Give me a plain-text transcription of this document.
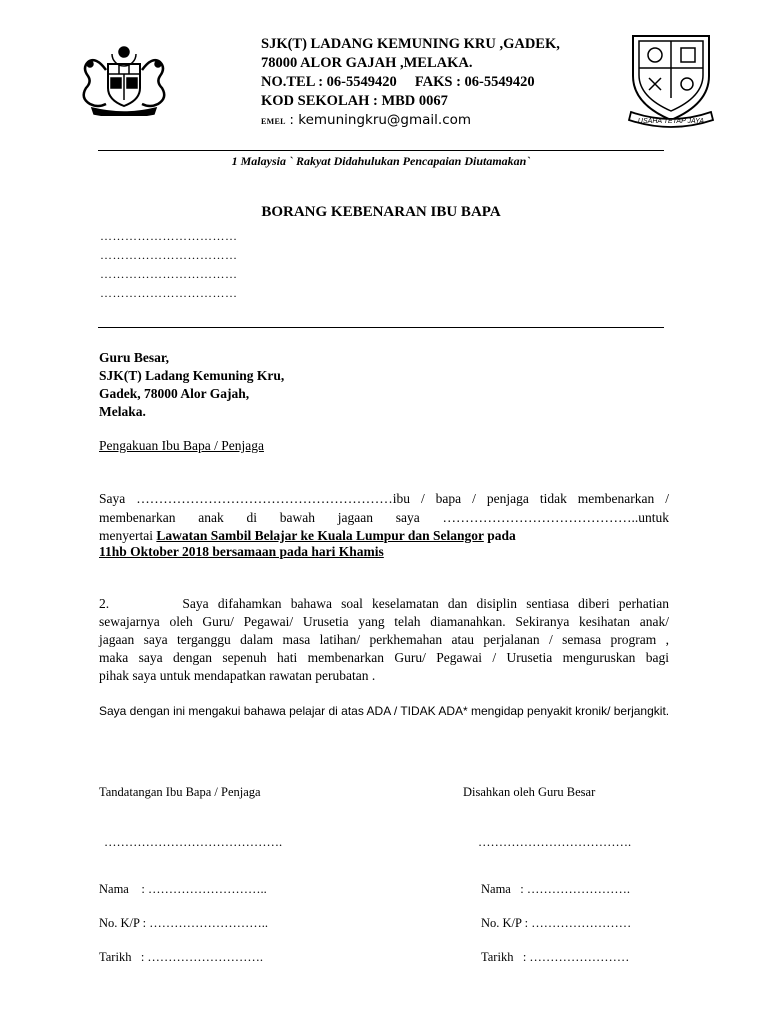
USAHA TETAP JAYA
SJK(T) LADANG KEMUNING KRU ,GADEK,
78000 ALOR GAJAH ,MELAKA.
NO.TEL : 06-5549420     FAKS : 06-5549420
KOD SEKOLAH : MBD 0067
EMEL : kemuningkru@gmail.com
1 Malaysia ` Rakyat Didahulukan Pencapaian Diutamakan`
BORANG KEBENARAN IBU BAPA
……………………………
……………………………
……………………………
……………………………
Guru Besar,
SJK(T) Ladang Kemuning Kru,
Gadek, 78000 Alor Gajah,
Melaka.
Pengakuan Ibu Bapa / Penjaga
Saya …………………………………………………ibu / bapa / penjaga tidak membenarkan /
membenarkan anak di bawah jagaan saya ……………………………………..untuk
menyertai Lawatan Sambil Belajar ke Kuala Lumpur dan Selangor pada
11hb Oktober 2018 bersamaan pada hari Khamis
2.        Saya difahamkan bahawa soal keselamatan dan disiplin sentiasa diberi perhatian
sewajarnya oleh Guru/ Pegawai/ Urusetia yang telah diamanahkan. Sekiranya kesihatan anak/
jagaan saya terganggu dalam masa latihan/ perkhemahan atau perjalanan / semasa program ,
maka saya dengan sepenuh hati membenarkan Guru/ Pegawai / Urusetia menguruskan bagi
pihak saya untuk mendapatkan rawatan perubatan .
Saya dengan ini mengakui bahawa pelajar di atas ADA / TIDAK ADA* mengidap penyakit kronik/ berjangkit.
Tandatangan Ibu Bapa / Penjaga	Disahkan oleh Guru Besar
…………………………………….	……………………………….
Nama    : ………………………..	Nama   : …………………….
No. K/P : ………………………..	No. K/P : ……………………
Tarikh   : ……………………….	Tarikh   : ……………………
